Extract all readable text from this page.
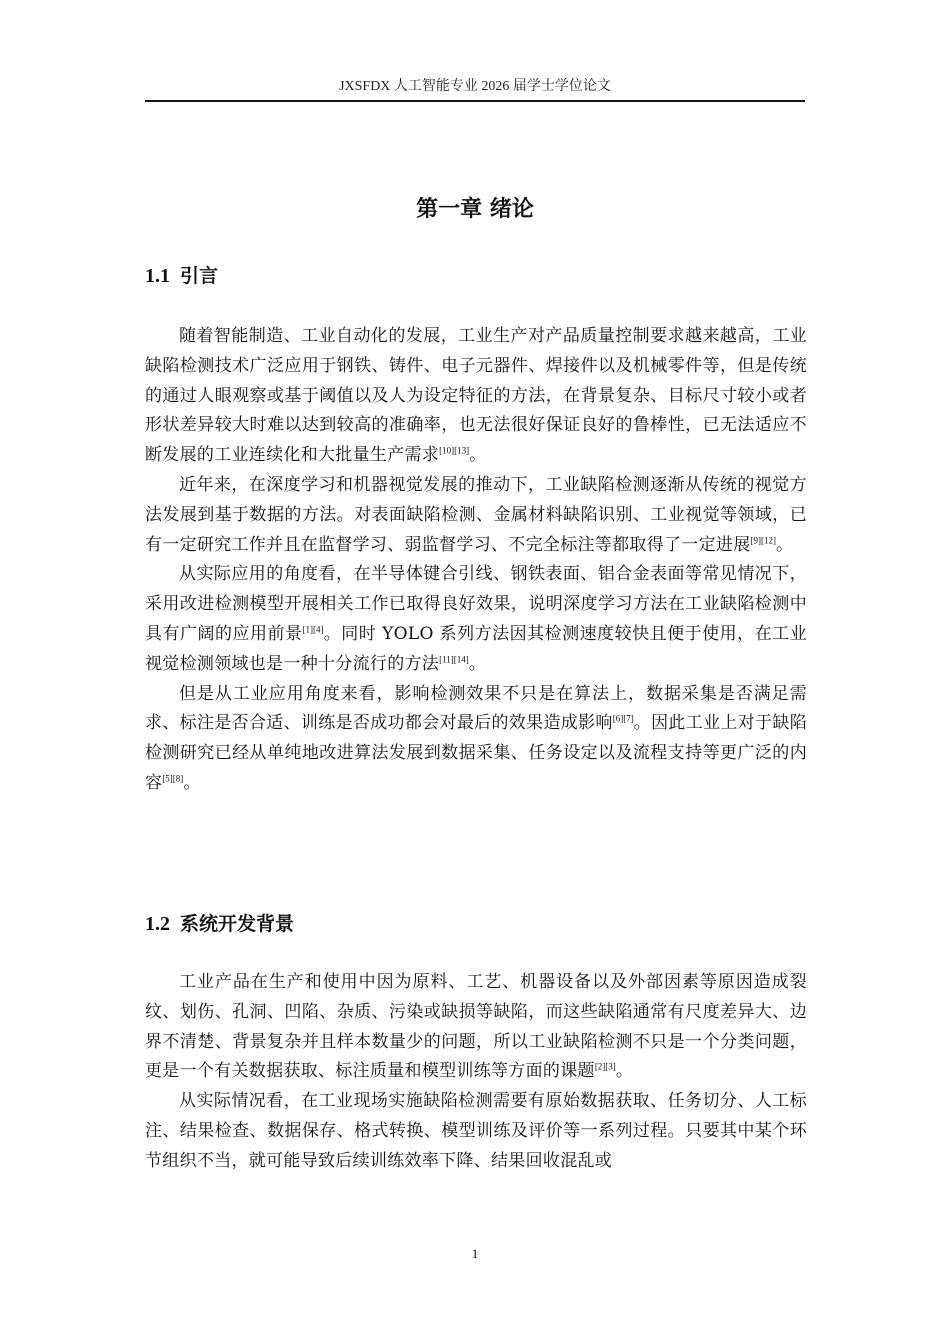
JXSFDX 人工智能专业 2026 届学士学位论文
第一章 绪论
1.1 引言

随着智能制造、工业自动化的发展，工业生产对产品质量控制要求越来越高，工业缺陷检测技术广泛应用于钢铁、铸件、电子元器件、焊接件以及机械零件等，但是传统的通过人眼观察或基于阈值以及人为设定特征的方法，在背景复杂、目标尺寸较小或者形状差异较大时难以达到较高的准确率，也无法很好保证良好的鲁棒性，已无法适应不断发展的工业连续化和大批量生产需求[10][13]。

近年来，在深度学习和机器视觉发展的推动下，工业缺陷检测逐渐从传统的视觉方法发展到基于数据的方法。对表面缺陷检测、金属材料缺陷识别、工业视觉等领域，已有一定研究工作并且在监督学习、弱监督学习、不完全标注等都取得了一定进展[9][12]。

从实际应用的角度看，在半导体键合引线、钢铁表面、铝合金表面等常见情况下，采用改进检测模型开展相关工作已取得良好效果，说明深度学习方法在工业缺陷检测中具有广阔的应用前景[1][4]。同时 YOLO 系列方法因其检测速度较快且便于使用，在工业视觉检测领域也是一种十分流行的方法[11][14]。

但是从工业应用角度来看，影响检测效果不只是在算法上，数据采集是否满足需求、标注是否合适、训练是否成功都会对最后的效果造成影响[6][7]。因此工业上对于缺陷检测研究已经从单纯地改进算法发展到数据采集、任务设定以及流程支持等更广泛的内容[5][8]。

1.2 系统开发背景

工业产品在生产和使用中因为原料、工艺、机器设备以及外部因素等原因造成裂纹、划伤、孔洞、凹陷、杂质、污染或缺损等缺陷，而这些缺陷通常有尺度差异大、边界不清楚、背景复杂并且样本数量少的问题，所以工业缺陷检测不只是一个分类问题，更是一个有关数据获取、标注质量和模型训练等方面的课题[2][3]。

从实际情况看，在工业现场实施缺陷检测需要有原始数据获取、任务切分、人工标注、结果检查、数据保存、格式转换、模型训练及评价等一系列过程。只要其中某个环节组织不当，就可能导致后续训练效率下降、结果回收混乱或

1
